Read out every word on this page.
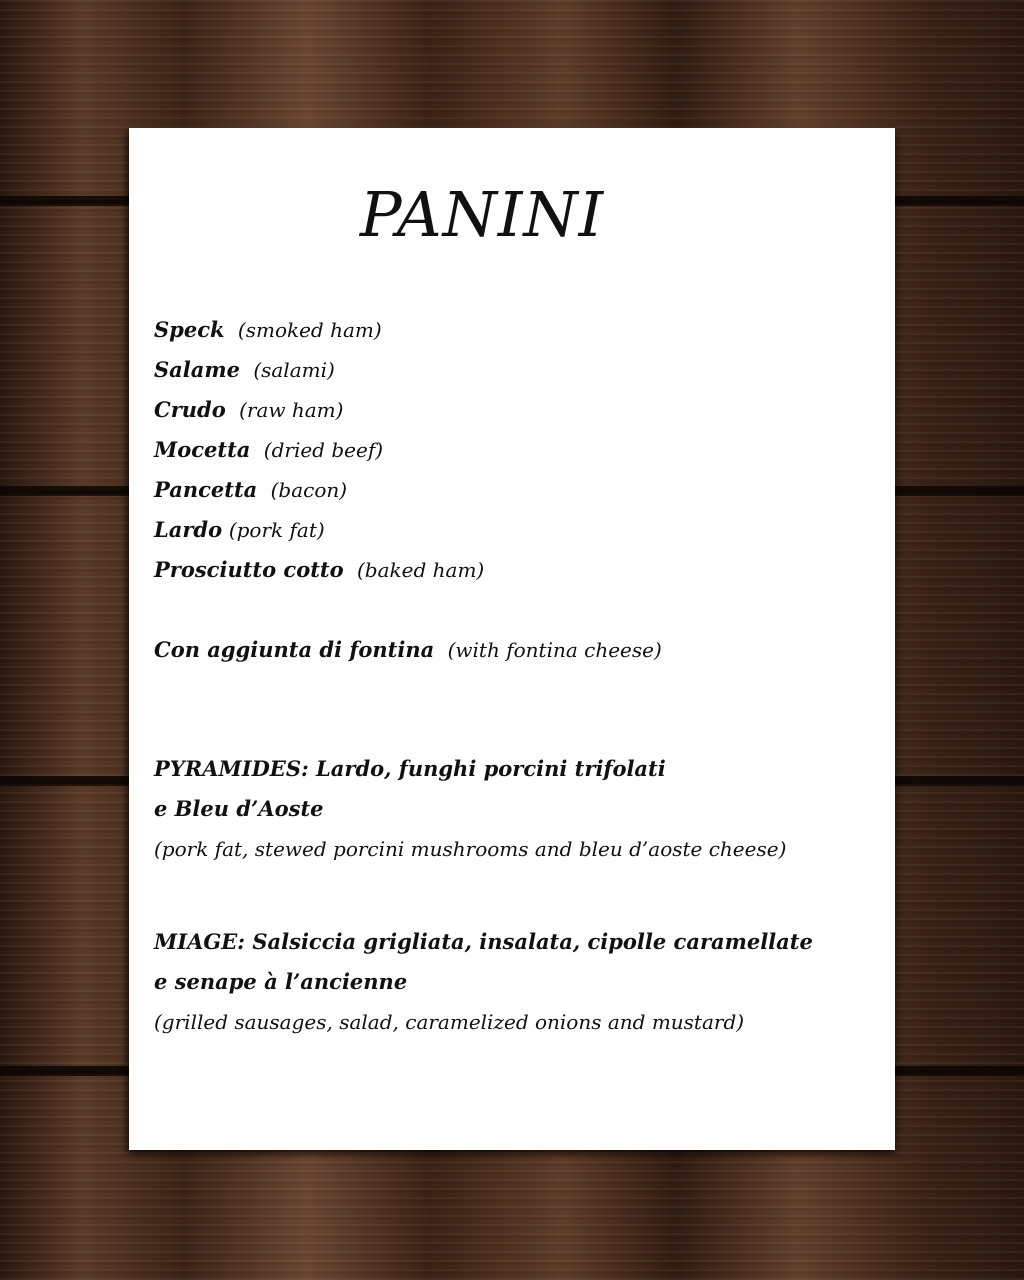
PANINI
Speck (smoked ham)
Salame (salami)
Crudo (raw ham)
Mocetta (dried beef)
Pancetta (bacon)
Lardo (pork fat)
Prosciutto cotto (baked ham)
Con aggiunta di fontina (with fontina cheese)
PYRAMIDES: Lardo, funghi porcini trifolati
e Bleu d’Aoste
(pork fat, stewed porcini mushrooms and bleu d’aoste cheese)
MIAGE: Salsiccia grigliata, insalata, cipolle caramellate
e senape à l’ancienne
(grilled sausages, salad, caramelized onions and mustard)
